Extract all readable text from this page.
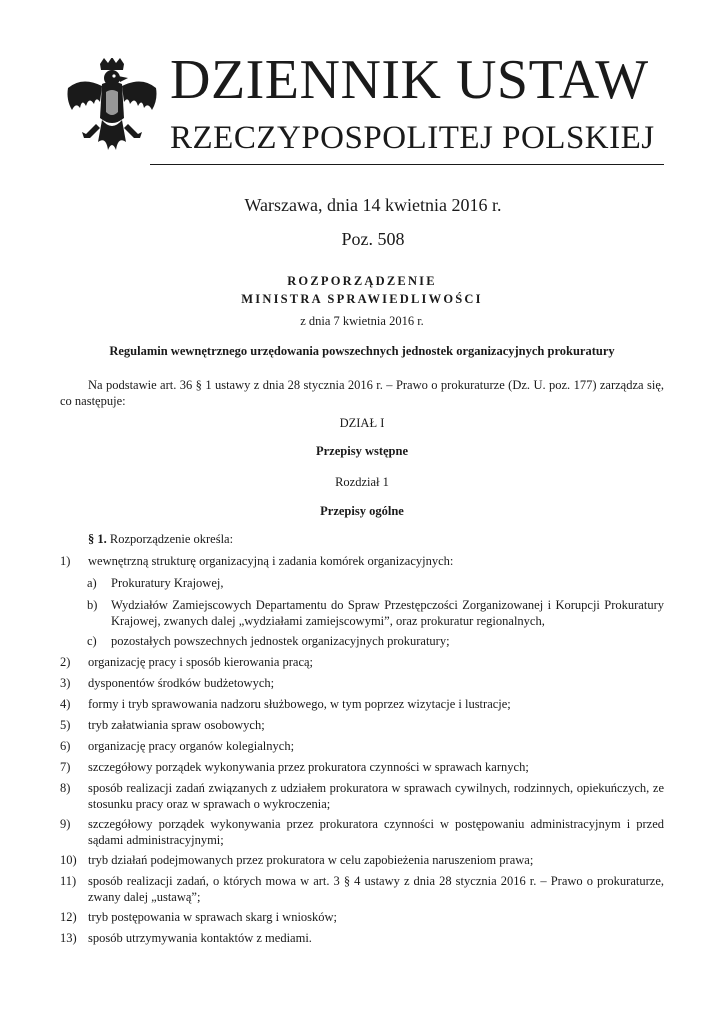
DZIENNIK USTAW
RZECZYPOSPOLITEJ POLSKIEJ
Warszawa, dnia 14 kwietnia 2016 r.
Poz. 508
ROZPORZĄDZENIE
MINISTRA SPRAWIEDLIWOŚCI
z dnia 7 kwietnia 2016 r.
Regulamin wewnętrznego urzędowania powszechnych jednostek organizacyjnych prokuratury
Na podstawie art. 36 § 1 ustawy z dnia 28 stycznia 2016 r. – Prawo o prokuraturze (Dz. U. poz. 177) zarządza się, co następuje:
DZIAŁ I
Przepisy wstępne
Rozdział 1
Przepisy ogólne
§ 1. Rozporządzenie określa:
1)	wewnętrzną strukturę organizacyjną i zadania komórek organizacyjnych:
a)	Prokuratury Krajowej,
b)	Wydziałów Zamiejscowych Departamentu do Spraw Przestępczości Zorganizowanej i Korupcji Prokuratury Krajowej, zwanych dalej „wydziałami zamiejscowymi”, oraz prokuratur regionalnych,
c)	pozostałych powszechnych jednostek organizacyjnych prokuratury;
2)	organizację pracy i sposób kierowania pracą;
3)	dysponentów środków budżetowych;
4)	formy i tryb sprawowania nadzoru służbowego, w tym poprzez wizytacje i lustracje;
5)	tryb załatwiania spraw osobowych;
6)	organizację pracy organów kolegialnych;
7)	szczegółowy porządek wykonywania przez prokuratora czynności w sprawach karnych;
8)	sposób realizacji zadań związanych z udziałem prokuratora w sprawach cywilnych, rodzinnych, opiekuńczych, ze stosunku pracy oraz w sprawach o wykroczenia;
9)	szczegółowy porządek wykonywania przez prokuratora czynności w postępowaniu administracyjnym i przed sądami administracyjnymi;
10) tryb działań podejmowanych przez prokuratora w celu zapobieżenia naruszeniom prawa;
11) sposób realizacji zadań, o których mowa w art. 3 § 4 ustawy z dnia 28 stycznia 2016 r. – Prawo o prokuraturze, zwany dalej „ustawą”;
12) tryb postępowania w sprawach skarg i wniosków;
13) sposób utrzymywania kontaktów z mediami.
